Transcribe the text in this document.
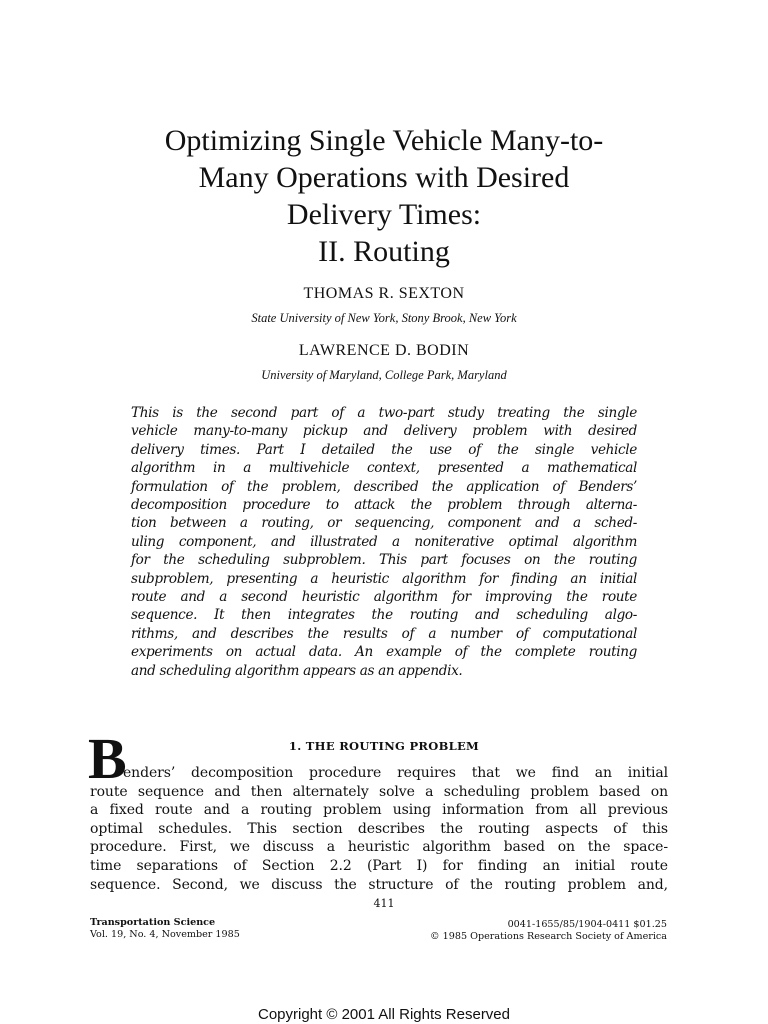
Optimizing Single Vehicle Many-to-
Many Operations with Desired
Delivery Times:
II. Routing
THOMAS R. SEXTON
State University of New York, Stony Brook, New York
LAWRENCE D. BODIN
University of Maryland, College Park, Maryland
This is the second part of a two-part study treating the single
vehicle many-to-many pickup and delivery problem with desired
delivery times. Part I detailed the use of the single vehicle
algorithm in a multivehicle context, presented a mathematical
formulation of the problem, described the application of Benders’
decomposition procedure to attack the problem through alterna-
tion between a routing, or sequencing, component and a sched-
uling component, and illustrated a noniterative optimal algorithm
for the scheduling subproblem. This part focuses on the routing
subproblem, presenting a heuristic algorithm for finding an initial
route and a second heuristic algorithm for improving the route
sequence. It then integrates the routing and scheduling algo-
rithms, and describes the results of a number of computational
experiments on actual data. An example of the complete routing
and scheduling algorithm appears as an appendix.
1. THE ROUTING PROBLEM
B
enders’ decomposition procedure requires that we find an initial
route sequence and then alternately solve a scheduling problem based on
a fixed route and a routing problem using information from all previous
optimal schedules. This section describes the routing aspects of this
procedure. First, we discuss a heuristic algorithm based on the space-
time separations of Section 2.2 (Part I) for finding an initial route
sequence. Second, we discuss the structure of the routing problem and,
411
Transportation Science
Vol. 19, No. 4, November 1985
0041-1655/85/1904-0411 $01.25
© 1985 Operations Research Society of America
Copyright © 2001 All Rights Reserved
